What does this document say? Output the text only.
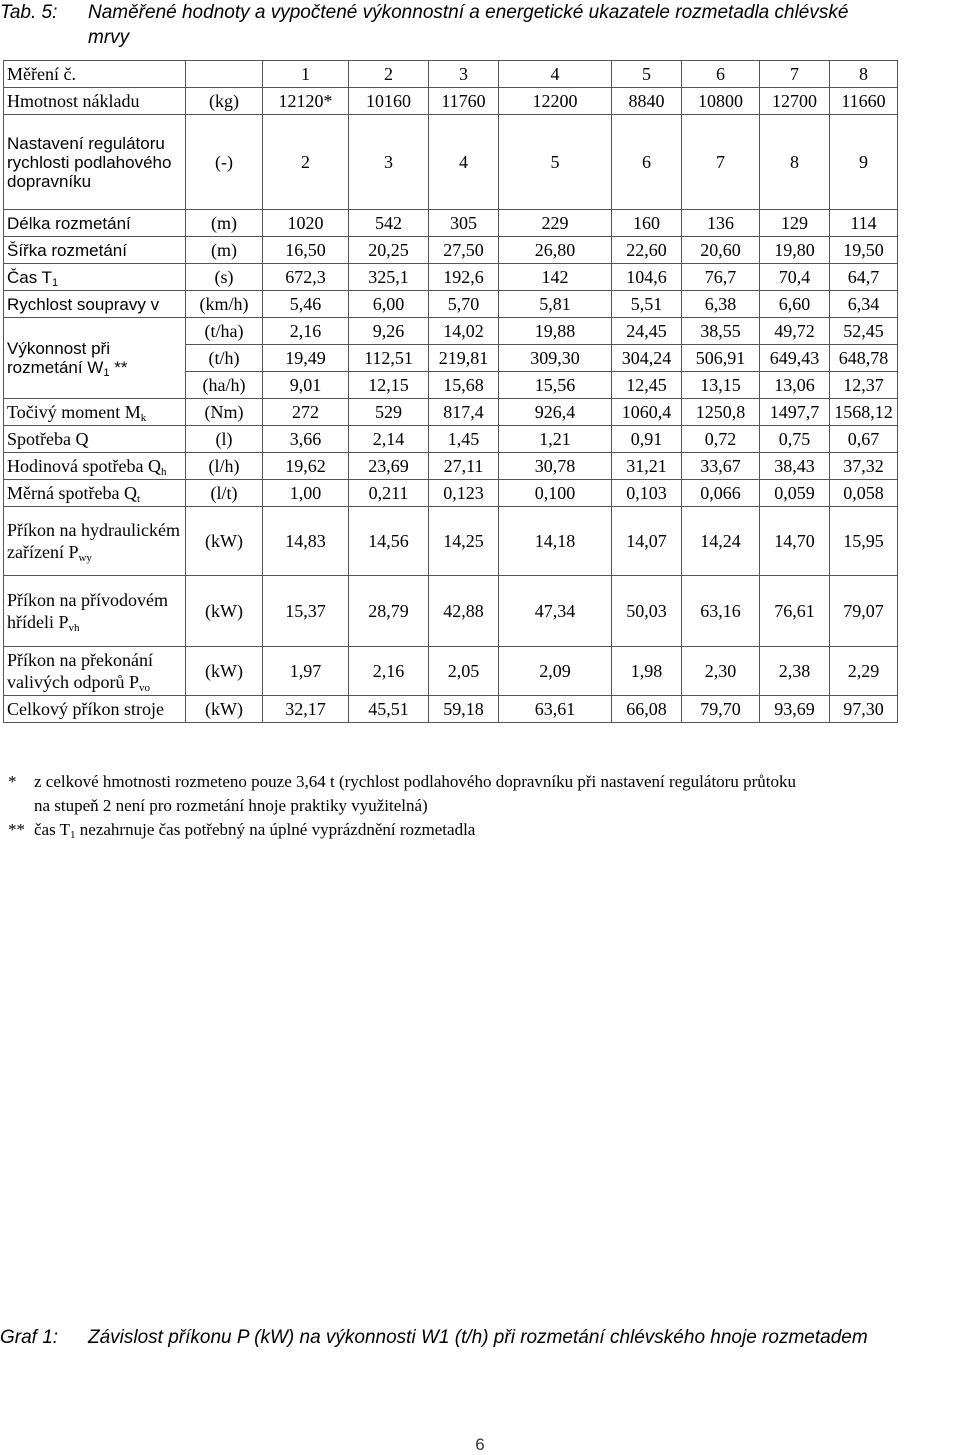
Tab. 5: Naměřené hodnoty a vypočtené výkonnostní a energetické ukazatele rozmetadla chlévské mrvy
Měření č.		1	2	3	4	5	6	7	8
Hmotnost nákladu	(kg)	12120*	10160	11760	12200	8840	10800	12700	11660
Nastavení regulátoru rychlosti podlahového dopravníku	(-)	2	3	4	5	6	7	8	9
Délka rozmetání	(m)	1020	542	305	229	160	136	129	114
Šířka rozmetání	(m)	16,50	20,25	27,50	26,80	22,60	20,60	19,80	19,50
Čas $T_1$	(s)	672,3	325,1	192,6	142	104,6	76,7	70,4	64,7
Rychlost soupravy v	(km/h)	5,46	6,00	5,70	5,81	5,51	6,38	6,60	6,34
Výkonnost při rozmetání $W_1$ **	(t/ha)	2,16	9,26	14,02	19,88	24,45	38,55	49,72	52,45
	(t/h)	19,49	112,51	219,81	309,30	304,24	506,91	649,43	648,78
	(ha/h)	9,01	12,15	15,68	15,56	12,45	13,15	13,06	12,37
Točivý moment $M_k$	(Nm)	272	529	817,4	926,4	1060,4	1250,8	1497,7	1568,12
Spotřeba Q	(l)	3,66	2,14	1,45	1,21	0,91	0,72	0,75	0,67
Hodinová spotřeba $Q_h$	(l/h)	19,62	23,69	27,11	30,78	31,21	33,67	38,43	37,32
Měrná spotřeba $Q_t$	(l/t)	1,00	0,211	0,123	0,100	0,103	0,066	0,059	0,058
Příkon na hydraulickém zařízení $P_{wy}$	(kW)	14,83	14,56	14,25	14,18	14,07	14,24	14,70	15,95
Příkon na přívodovém hřídeli $P_{vh}$	(kW)	15,37	28,79	42,88	47,34	50,03	63,16	76,61	79,07
Příkon na překonání valivých odporů $P_{vo}$	(kW)	1,97	2,16	2,05	2,09	1,98	2,30	2,38	2,29
Celkový příkon stroje	(kW)	32,17	45,51	59,18	63,61	66,08	79,70	93,69	97,30
*	z celkové hmotnosti rozmeteno pouze 3,64 t (rychlost podlahového dopravníku při nastavení regulátoru průtoku
na stupeň 2 není pro rozmetání hnoje praktiky využitelná)
** čas $T_1$ nezahrnuje čas potřebný na úplné vyprázdnění rozmetadla
Graf 1: Závislost příkonu P (kW) na výkonnosti W1 (t/h) při rozmetání chlévského hnoje rozmetadem
6
